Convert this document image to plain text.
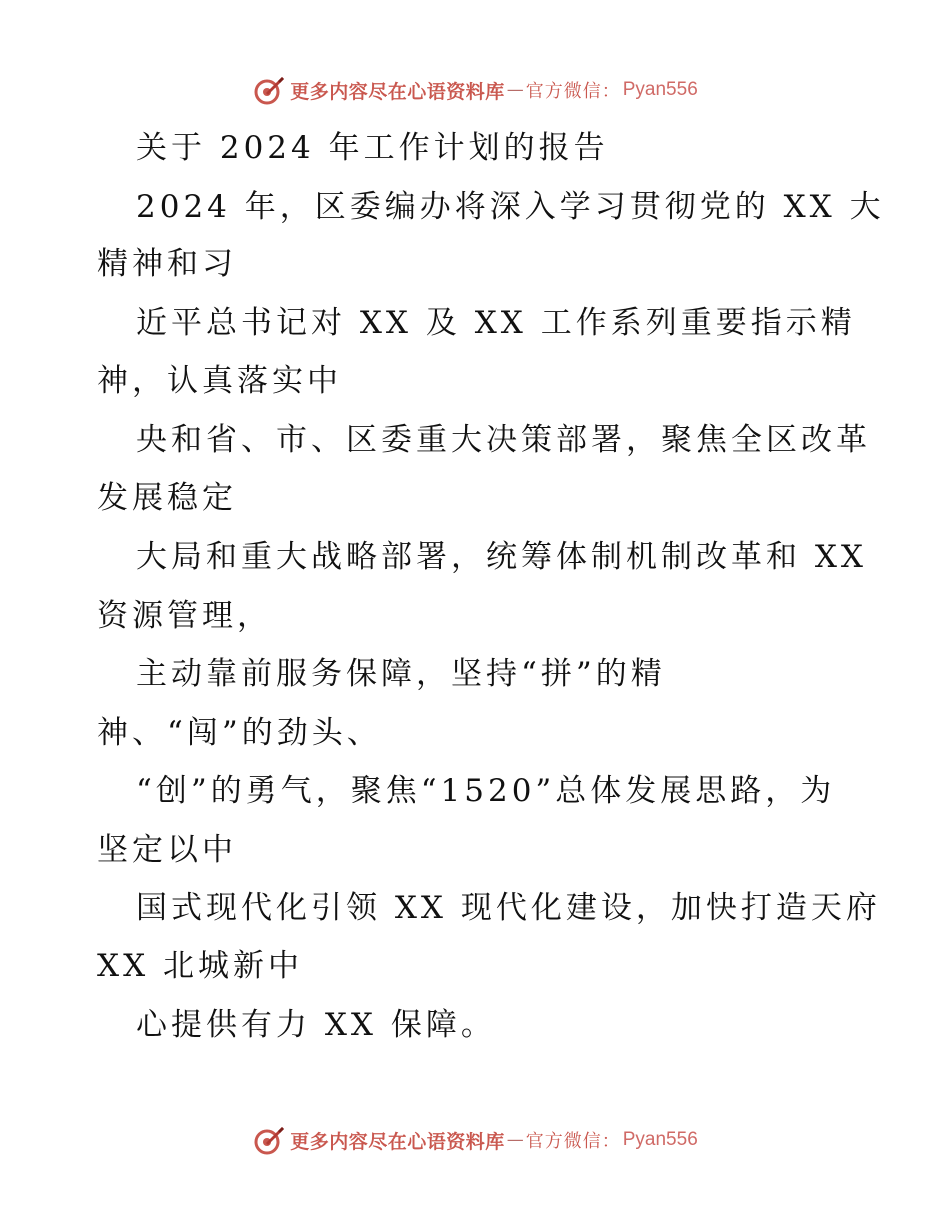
更多内容尽在心语资料库 — 官方微信： Pyan556
关于 2024 年工作计划的报告
2024 年，区委编办将深入学习贯彻党的 XX 大
精神和习
近平总书记对 XX 及 XX 工作系列重要指示精
神，认真落实中
央和省、市、区委重大决策部署，聚焦全区改革
发展稳定
大局和重大战略部署，统筹体制机制改革和 XX
资源管理，
主动靠前服务保障，坚持“拼”的精
神、“闯”的劲头、
“创”的勇气，聚焦“1520”总体发展思路，为
坚定以中
国式现代化引领 XX 现代化建设，加快打造天府
XX 北城新中
心提供有力 XX 保障。
更多内容尽在心语资料库 — 官方微信： Pyan556
